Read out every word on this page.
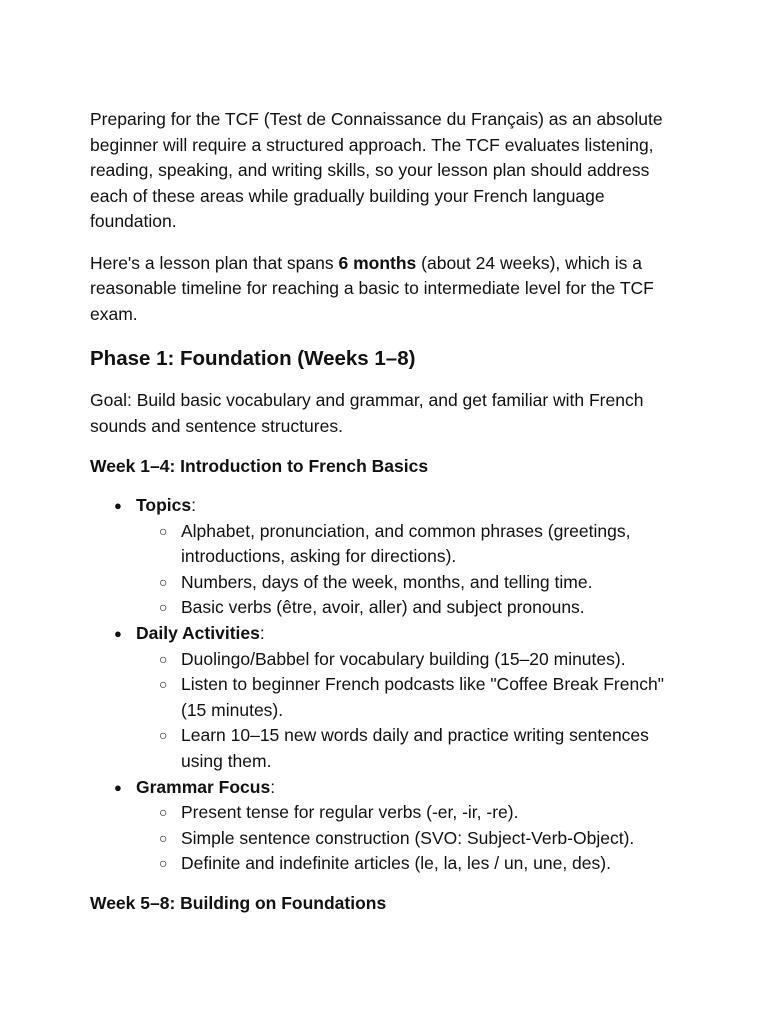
Preparing for the TCF (Test de Connaissance du Français) as an absolute beginner will require a structured approach. The TCF evaluates listening, reading, speaking, and writing skills, so your lesson plan should address each of these areas while gradually building your French language foundation.

Here's a lesson plan that spans 6 months (about 24 weeks), which is a reasonable timeline for reaching a basic to intermediate level for the TCF exam.

Phase 1: Foundation (Weeks 1–8)

Goal: Build basic vocabulary and grammar, and get familiar with French sounds and sentence structures.

Week 1–4: Introduction to French Basics
● Topics:
○ Alphabet, pronunciation, and common phrases (greetings, introductions, asking for directions).
○ Numbers, days of the week, months, and telling time.
○ Basic verbs (être, avoir, aller) and subject pronouns.
● Daily Activities:
○ Duolingo/Babbel for vocabulary building (15–20 minutes).
○ Listen to beginner French podcasts like "Coffee Break French" (15 minutes).
○ Learn 10–15 new words daily and practice writing sentences using them.
● Grammar Focus:
○ Present tense for regular verbs (-er, -ir, -re).
○ Simple sentence construction (SVO: Subject-Verb-Object).
○ Definite and indefinite articles (le, la, les / un, une, des).
Week 5–8: Building on Foundations
